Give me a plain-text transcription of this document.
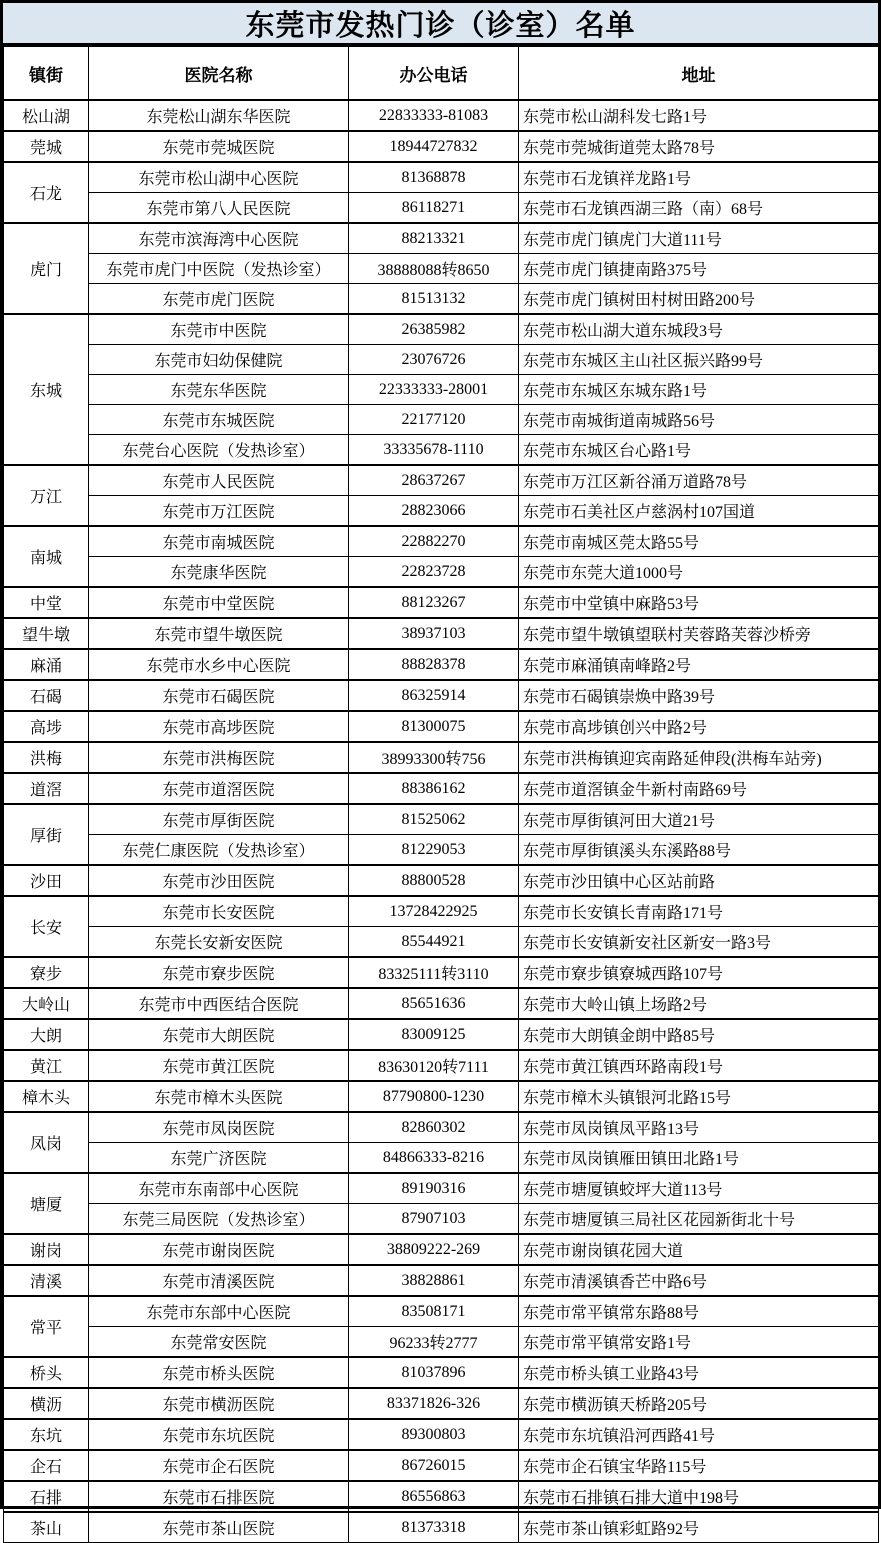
东莞市发热门诊（诊室）名单
镇街	医院名称	办公电话	地址
松山湖	东莞松山湖东华医院	22833333-81083	东莞市松山湖科发七路1号
莞城	东莞市莞城医院	18944727832	东莞市莞城街道莞太路78号
石龙	东莞市松山湖中心医院	81368878	东莞市石龙镇祥龙路1号
	东莞市第八人民医院	86118271	东莞市石龙镇西湖三路（南）68号
虎门	东莞市滨海湾中心医院	88213321	东莞市虎门镇虎门大道111号
	东莞市虎门中医院（发热诊室）	38888088转8650	东莞市虎门镇捷南路375号
	东莞市虎门医院	81513132	东莞市虎门镇树田村树田路200号
东城	东莞市中医院	26385982	东莞市松山湖大道东城段3号
	东莞市妇幼保健院	23076726	东莞市东城区主山社区振兴路99号
	东莞东华医院	22333333-28001	东莞市东城区东城东路1号
	东莞市东城医院	22177120	东莞市南城街道南城路56号
	东莞台心医院（发热诊室）	33335678-1110	东莞市东城区台心路1号
万江	东莞市人民医院	28637267	东莞市万江区新谷涌万道路78号
	东莞市万江医院	28823066	东莞市石美社区卢慈涡村107国道
南城	东莞市南城医院	22882270	东莞市南城区莞太路55号
	东莞康华医院	22823728	东莞市东莞大道1000号
中堂	东莞市中堂医院	88123267	东莞市中堂镇中麻路53号
望牛墩	东莞市望牛墩医院	38937103	东莞市望牛墩镇望联村芙蓉路芙蓉沙桥旁
麻涌	东莞市水乡中心医院	88828378	东莞市麻涌镇南峰路2号
石碣	东莞市石碣医院	86325914	东莞市石碣镇崇焕中路39号
高埗	东莞市高埗医院	81300075	东莞市高埗镇创兴中路2号
洪梅	东莞市洪梅医院	38993300转756	东莞市洪梅镇迎宾南路延伸段(洪梅车站旁)
道滘	东莞市道滘医院	88386162	东莞市道滘镇金牛新村南路69号
厚街	东莞市厚街医院	81525062	东莞市厚街镇河田大道21号
	东莞仁康医院（发热诊室）	81229053	东莞市厚街镇溪头东溪路88号
沙田	东莞市沙田医院	88800528	东莞市沙田镇中心区站前路
长安	东莞市长安医院	13728422925	东莞市长安镇长青南路171号
	东莞长安新安医院	85544921	东莞市长安镇新安社区新安一路3号
寮步	东莞市寮步医院	83325111转3110	东莞市寮步镇寮城西路107号
大岭山	东莞市中西医结合医院	85651636	东莞市大岭山镇上场路2号
大朗	东莞市大朗医院	83009125	东莞市大朗镇金朗中路85号
黄江	东莞市黄江医院	83630120转7111	东莞市黄江镇西环路南段1号
樟木头	东莞市樟木头医院	87790800-1230	东莞市樟木头镇银河北路15号
凤岗	东莞市凤岗医院	82860302	东莞市凤岗镇凤平路13号
	东莞广济医院	84866333-8216	东莞市凤岗镇雁田镇田北路1号
塘厦	东莞市东南部中心医院	89190316	东莞市塘厦镇蛟坪大道113号
	东莞三局医院（发热诊室）	87907103	东莞市塘厦镇三局社区花园新街北十号
谢岗	东莞市谢岗医院	38809222-269	东莞市谢岗镇花园大道
清溪	东莞市清溪医院	38828861	东莞市清溪镇香芒中路6号
常平	东莞市东部中心医院	83508171	东莞市常平镇常东路88号
	东莞常安医院	96233转2777	东莞市常平镇常安路1号
桥头	东莞市桥头医院	81037896	东莞市桥头镇工业路43号
横沥	东莞市横沥医院	83371826-326	东莞市横沥镇天桥路205号
东坑	东莞市东坑医院	89300803	东莞市东坑镇沿河西路41号
企石	东莞市企石医院	86726015	东莞市企石镇宝华路115号
石排	东莞市石排医院	86556863	东莞市石排镇石排大道中198号
茶山	东莞市茶山医院	81373318	东莞市茶山镇彩虹路92号
